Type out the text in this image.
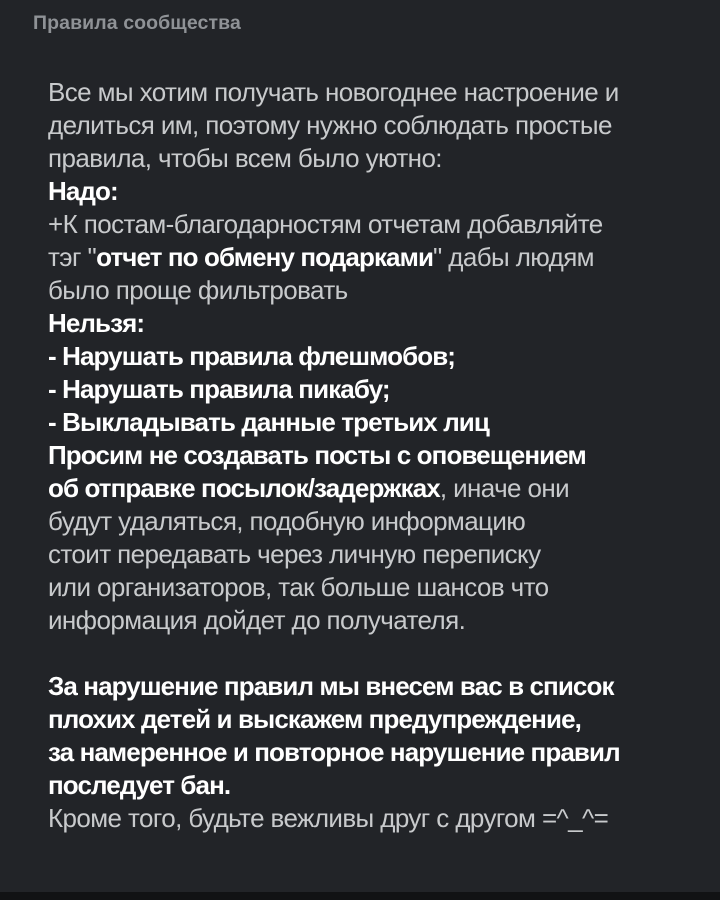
Правила сообщества
Все мы хотим получать новогоднее настроение и
делиться им, поэтому нужно соблюдать простые
правила, чтобы всем было уютно:
Надо:
+К постам-благодарностям отчетам добавляйте
тэг "отчет по обмену подарками" дабы людям
было проще фильтровать
Нельзя:
- Нарушать правила флешмобов;
- Нарушать правила пикабу;
- Выкладывать данные третьих лиц
Просим не создавать посты с оповещением
об отправке посылок/задержках, иначе они
будут удаляться, подобную информацию
стоит передавать через личную переписку
или организаторов, так больше шансов что
информация дойдет до получателя.
За нарушение правил мы внесем вас в список
плохих детей и выскажем предупреждение,
за намеренное и повторное нарушение правил
последует бан.
Кроме того, будьте вежливы друг с другом =^_^=
